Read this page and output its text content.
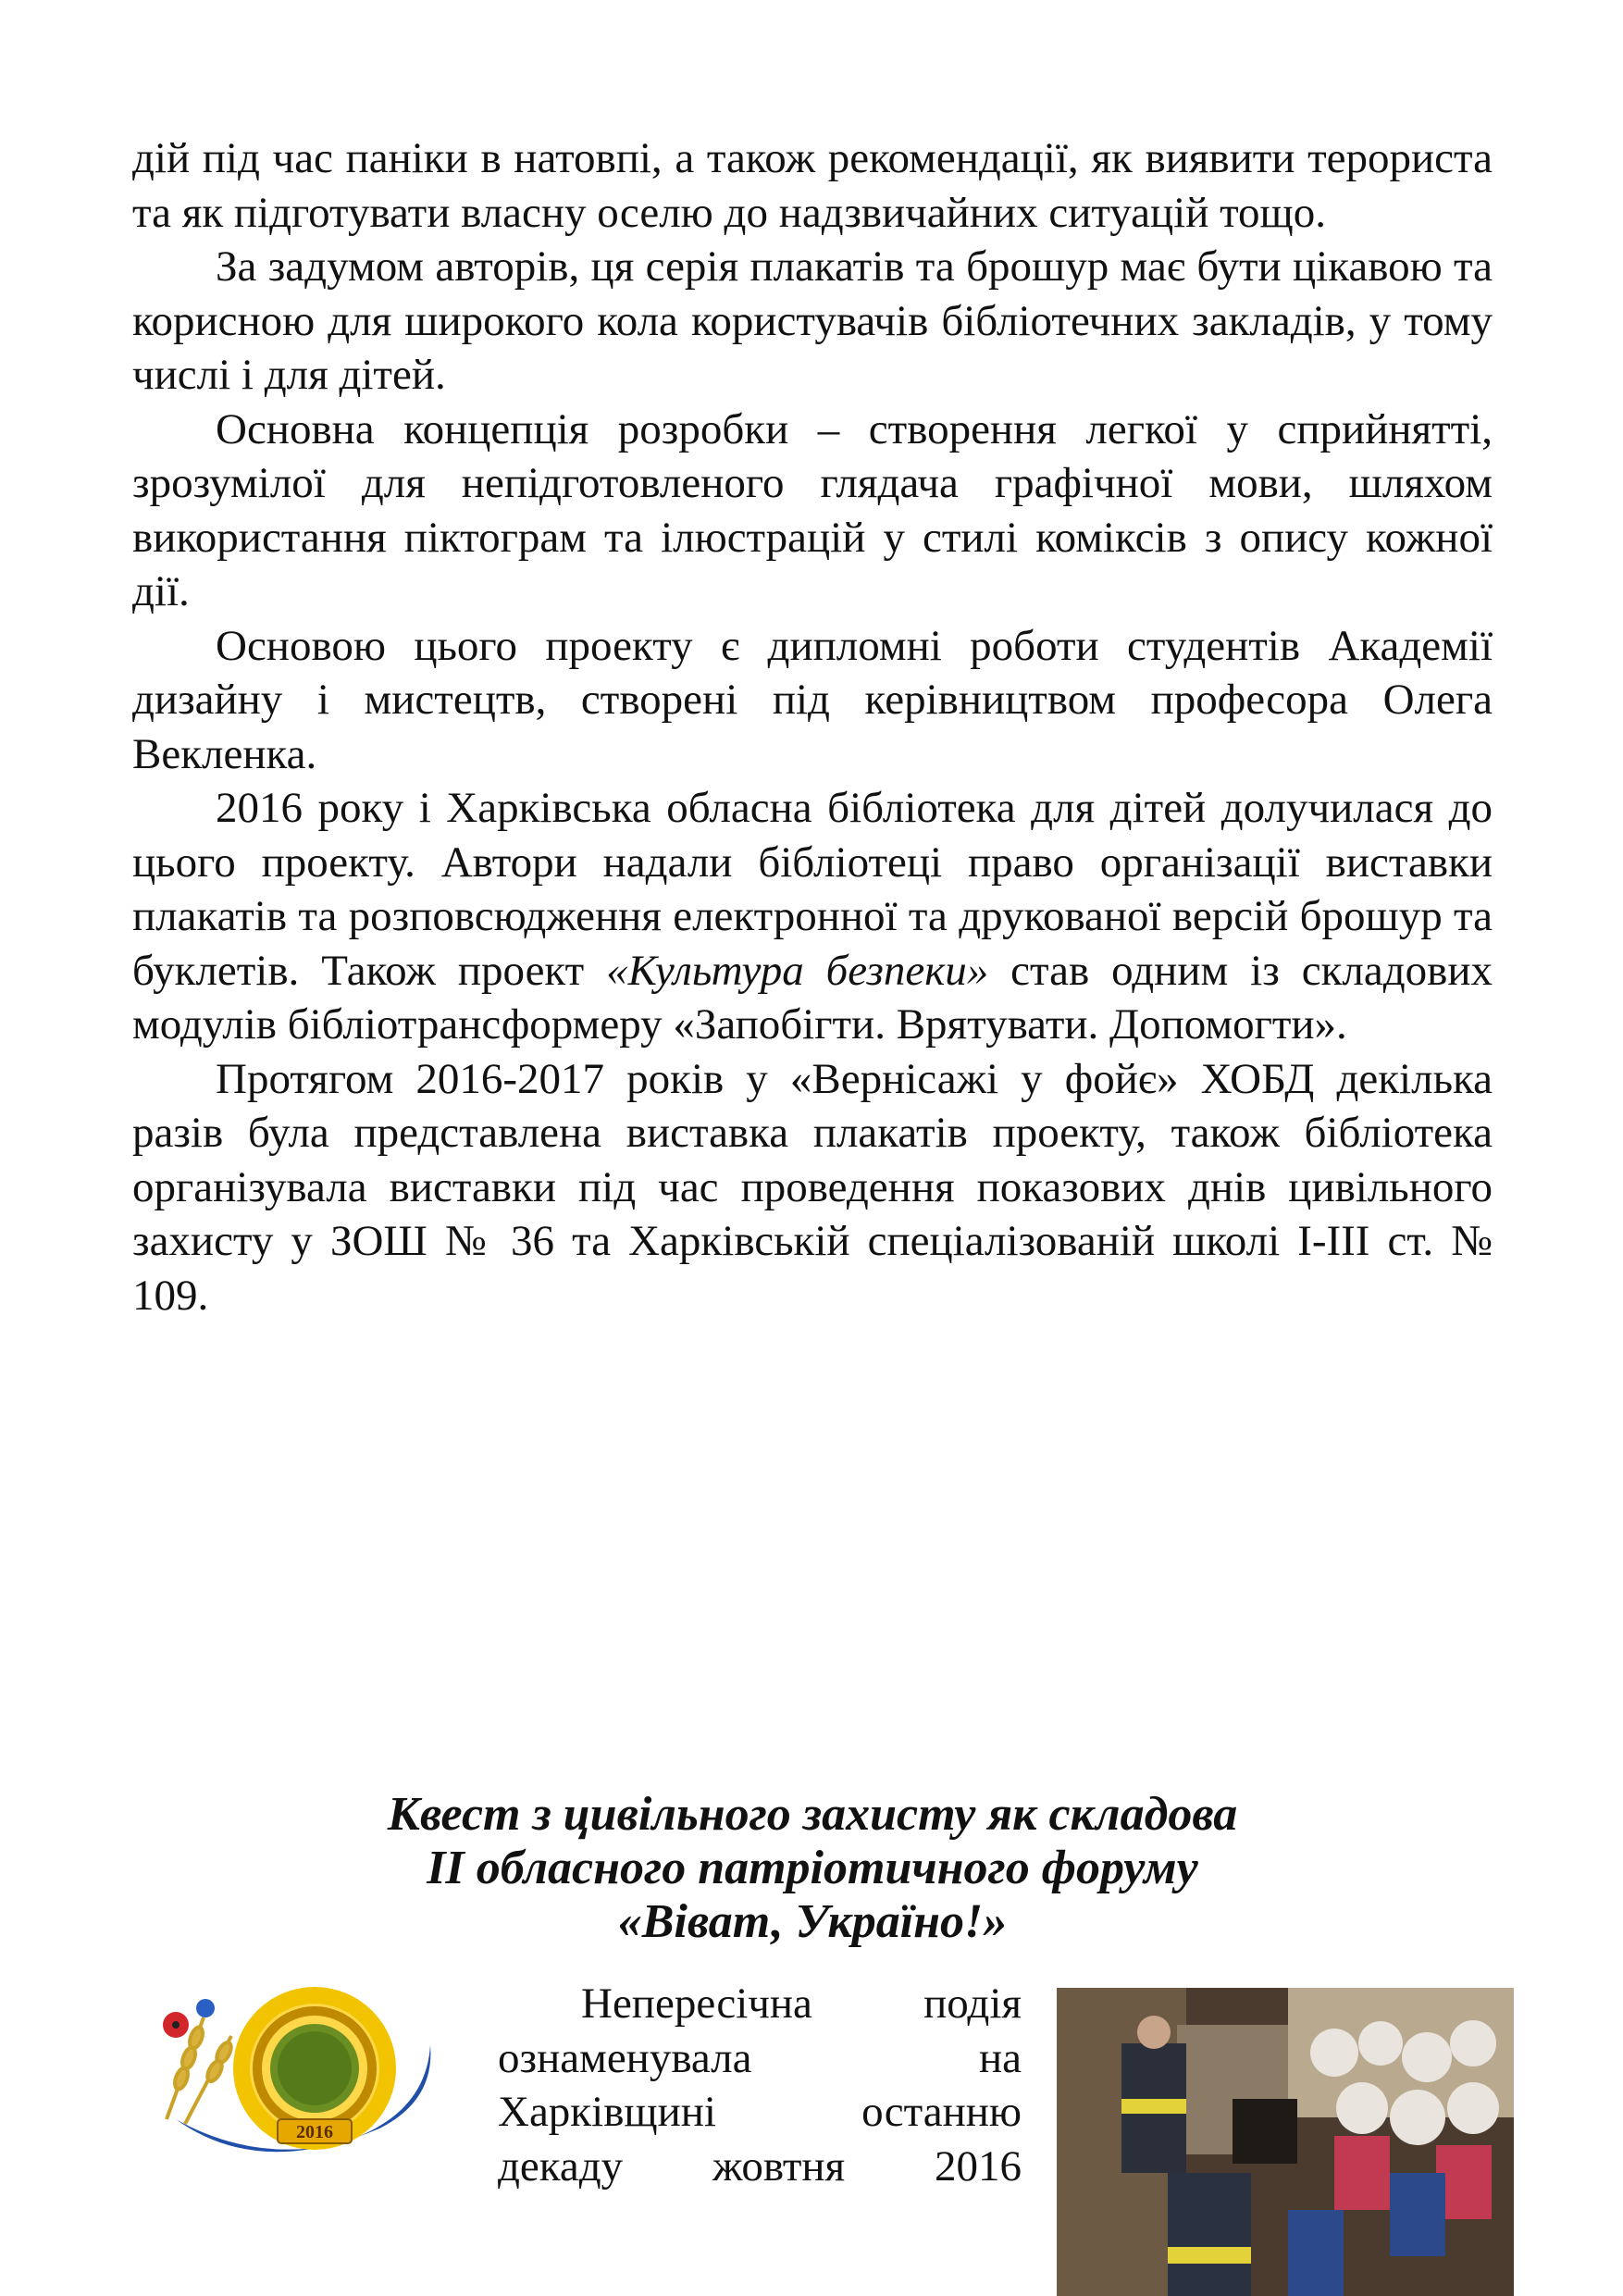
дій під час паніки в натовпі, а також рекомендації, як виявити терориста та як підготувати власну оселю до надзвичайних ситуацій тощо.

За задумом авторів, ця серія плакатів та брошур має бути цікавою та корисною для широкого кола користувачів бібліотечних закладів, у тому числі і для дітей.

Основна концепція розробки – створення легкої у сприйнятті, зрозумілої для непідготовленого глядача графічної мови, шляхом використання піктограм та ілюстрацій у стилі коміксів з опису кожної дії.

Основою цього проекту є дипломні роботи студентів Академії дизайну і мистецтв, створені під керівництвом професора Олега Векленка.

2016 року і Харківська обласна бібліотека для дітей долучилася до цього проекту. Автори надали бібліотеці право організації виставки плакатів та розповсюдження електронної та друкованої версій брошур та буклетів. Також проект «Культура безпеки» став одним із складових модулів бібліотрансформеру «Запобігти. Врятувати. Допомогти».

Протягом 2016-2017 років у «Вернісажі у фойє» ХОБД декілька разів була представлена виставка плакатів проекту, також бібліотека організувала виставки під час проведення показових днів цивільного захисту у ЗОШ № 36 та Харківській спеціалізованій школі І-ІІІ ст. № 109.

Квест з цивільного захисту як складова
ІІ обласного патріотичного форуму
«Віват, Україно!»
2016
Непересічна	подія
ознаменувала	на
Харківщині	останню
декаду жовтня 2016
